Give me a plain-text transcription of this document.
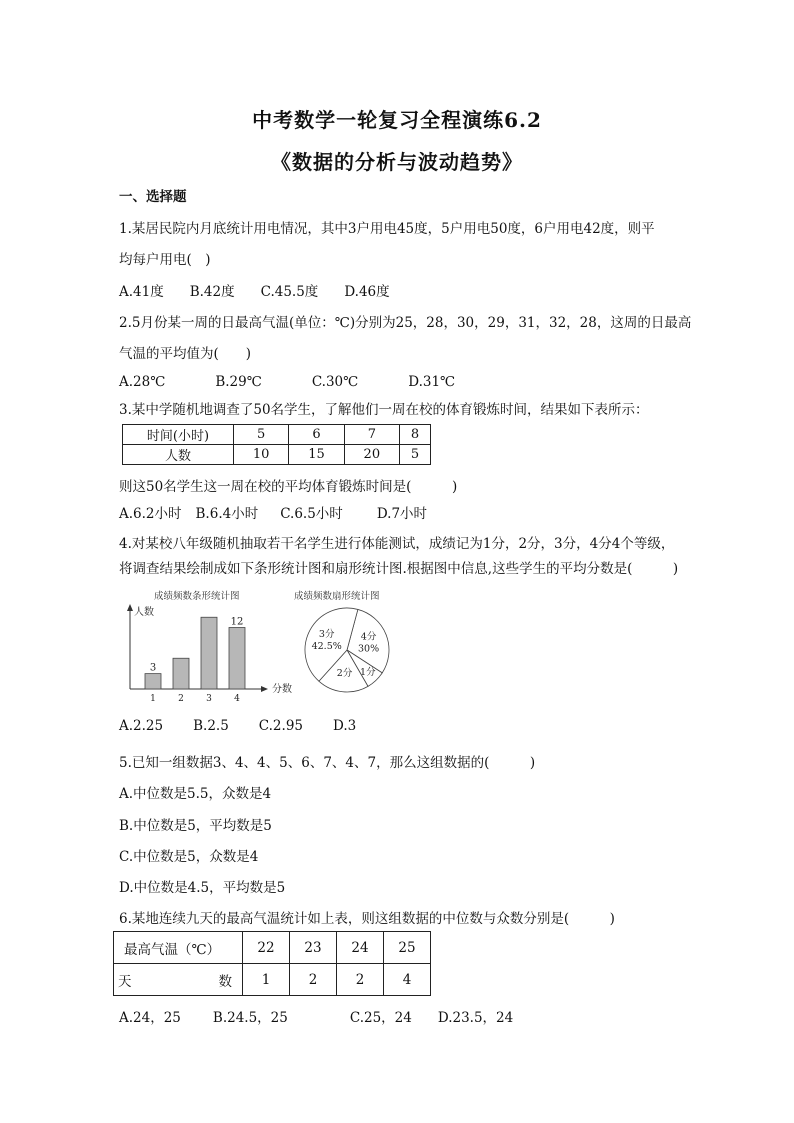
中考数学一轮复习全程演练6.2
《数据的分析与波动趋势》
一、选择题
1.某居民院内月底统计用电情况，其中3户用电45度，5户用电50度，6户用电42度，则平
均每户用电(　)
A.41度 B.42度 C.45.5度 D.46度
2.5月份某一周的日最高气温(单位：℃)分别为25，28，30，29，31，32，28，这周的日最高
气温的平均值为(　　)
A.28℃	B.29℃	C.30℃	D.31℃
3.某中学随机地调查了50名学生，了解他们一周在校的体育锻炼时间，结果如下表所示：
时间(小时)	5	6	7	8
人数	10	15	20	5
则这50名学生这一周在校的平均体育锻炼时间是(　　　)
A.6.2小时 B.6.4小时 C.6.5小时	D.7小时
4.对某校八年级随机抽取若干名学生进行体能测试，成绩记为1分，2分，3分，4分4个等级，
将调查结果绘制成如下条形统计图和扇形统计图.根据图中信息,这些学生的平均分数是(　　　)
成绩频数条形统计图
人数
分数
1
3
2 3 4
12
成绩频数扇形统计图
4分
30%
1分
2分
3分
42.5%
A.2.25 B.2.5 C.2.95 D.3
5.已知一组数据3、4、4、5、6、7、4、7，那么这组数据的(　　　)
A.中位数是5.5，众数是4
B.中位数是5，平均数是5
C.中位数是5，众数是4
D.中位数是4.5，平均数是5
6.某地连续九天的最高气温统计如上表，则这组数据的中位数与众数分别是(　　　)
最高气温（℃）	22	23	24	25
天 数	1	2	2	4
A.24，25 B.24.5，25	C.25，24 D.23.5，24
